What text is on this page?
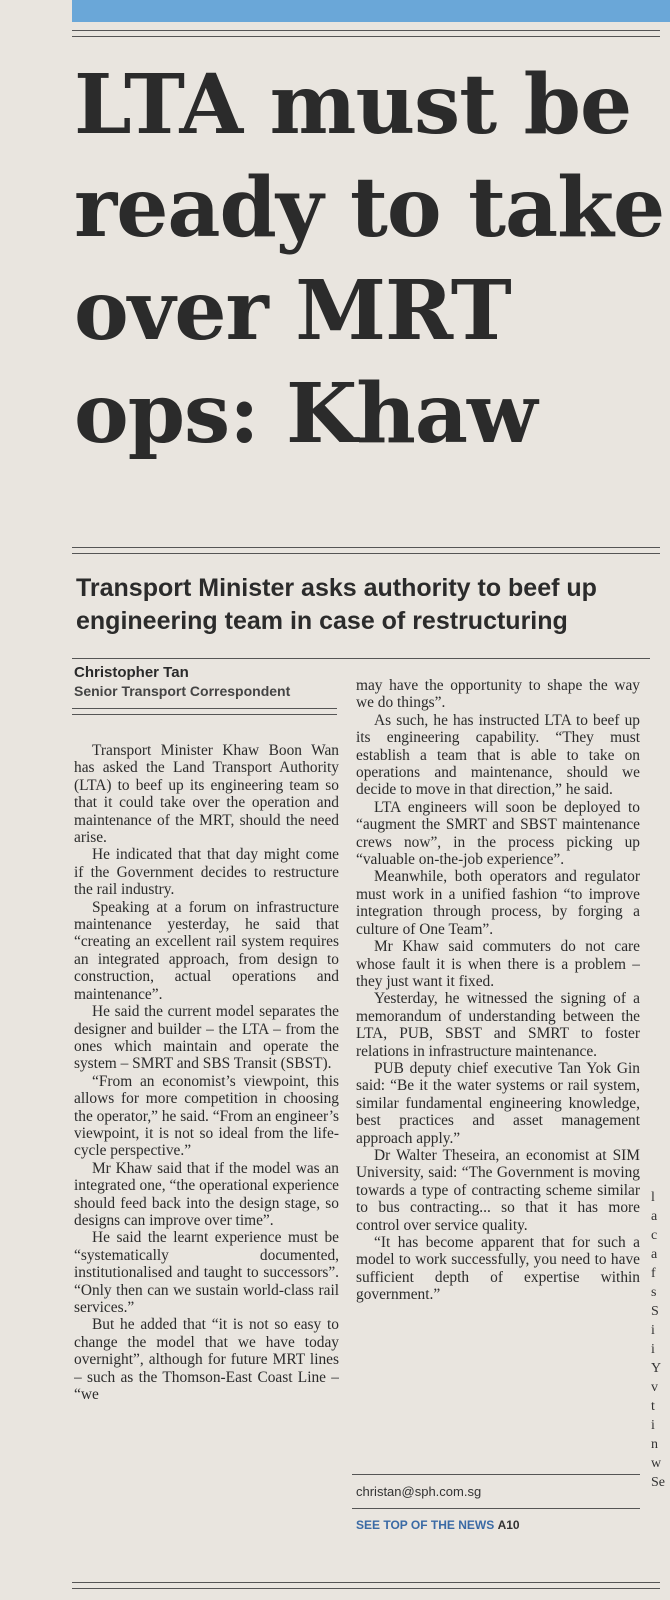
LTA must be
ready to take
over MRT
ops: Khaw
Transport Minister asks authority to beef up engineering team in case of restructuring
Christopher Tan
Senior Transport Correspondent

Transport Minister Khaw Boon Wan has asked the Land Transport Authority (LTA) to beef up its engineering team so that it could take over the operation and maintenance of the MRT, should the need arise.

He indicated that that day might come if the Government decides to restructure the rail industry.

Speaking at a forum on infrastructure maintenance yesterday, he said that “creating an excellent rail system requires an integrated approach, from design to construction, actual operations and maintenance”.

He said the current model separates the designer and builder – the LTA – from the ones which maintain and operate the system – SMRT and SBS Transit (SBST).

“From an economist’s viewpoint, this allows for more competition in choosing the operator,” he said. “From an engineer’s viewpoint, it is not so ideal from the life-cycle perspective.”

Mr Khaw said that if the model was an integrated one, “the operational experience should feed back into the design stage, so designs can improve over time”.

He said the learnt experience must be “systematically documented, institutionalised and taught to successors”. “Only then can we sustain world-class rail services.”

But he added that “it is not so easy to change the model that we have today overnight”, although for future MRT lines – such as the Thomson-East Coast Line – “we

may have the opportunity to shape the way we do things”.

As such, he has instructed LTA to beef up its engineering capability. “They must establish a team that is able to take on operations and maintenance, should we decide to move in that direction,” he said.

LTA engineers will soon be deployed to “augment the SMRT and SBST maintenance crews now”, in the process picking up “valuable on-the-job experience”.

Meanwhile, both operators and regulator must work in a unified fashion “to improve integration through process, by forging a culture of One Team”.

Mr Khaw said commuters do not care whose fault it is when there is a problem – they just want it fixed.

Yesterday, he witnessed the signing of a memorandum of understanding between the LTA, PUB, SBST and SMRT to foster relations in infrastructure maintenance.

PUB deputy chief executive Tan Yok Gin said: “Be it the water systems or rail system, similar fundamental engineering knowledge, best practices and asset management approach apply.”

Dr Walter Theseira, an economist at SIM University, said: “The Government is moving towards a type of contracting scheme similar to bus contracting... so that it has more control over service quality.

“It has become apparent that for such a model to work successfully, you need to have sufficient depth of expertise within government.”

christan@sph.com.sg
SEE TOP OF THE NEWS A10
l
a
c
a
f
s
S
i
i
Y
v
t
i
n
w
Se
